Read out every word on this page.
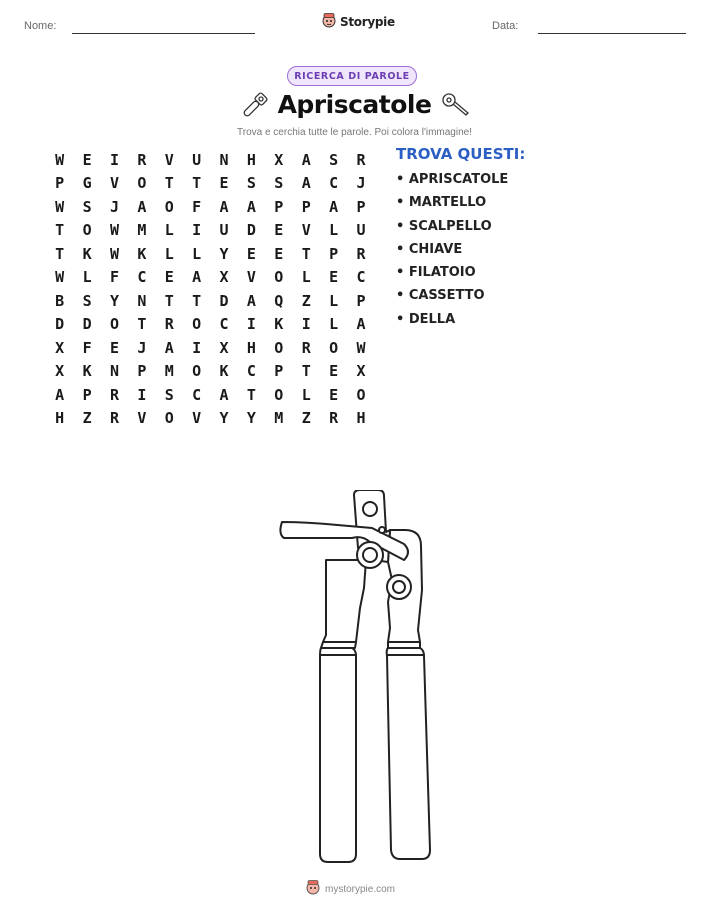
Nome:	Storypie	Data:
RICERCA DI PAROLE
Apriscatole
Trova e cerchia tutte le parole. Poi colora l'immagine!
W	E	I	R	V	U	N	H	X	A	S	R
P	G	V	O	T	T	E	S	S	A	C	J
W	S	J	A	O	F	A	A	P	P	A	P
T	O	W	M	L	I	U	D	E	V	L	U
T	K	W	K	L	L	Y	E	E	T	P	R
W	L	F	C	E	A	X	V	O	L	E	C
B	S	Y	N	T	T	D	A	Q	Z	L	P
D	D	O	T	R	O	C	I	K	I	L	A
X	F	E	J	A	I	X	H	O	R	O	W
X	K	N	P	M	O	K	C	P	T	E	X
A	P	R	I	S	C	A	T	O	L	E	O
H	Z	R	V	O	V	Y	Y	M	Z	R	H
TROVA QUESTI:
• APRISCATOLE
• MARTELLO
• SCALPELLO
• CHIAVE
• FILATOIO
• CASSETTO
• DELLA
mystorypie.com
